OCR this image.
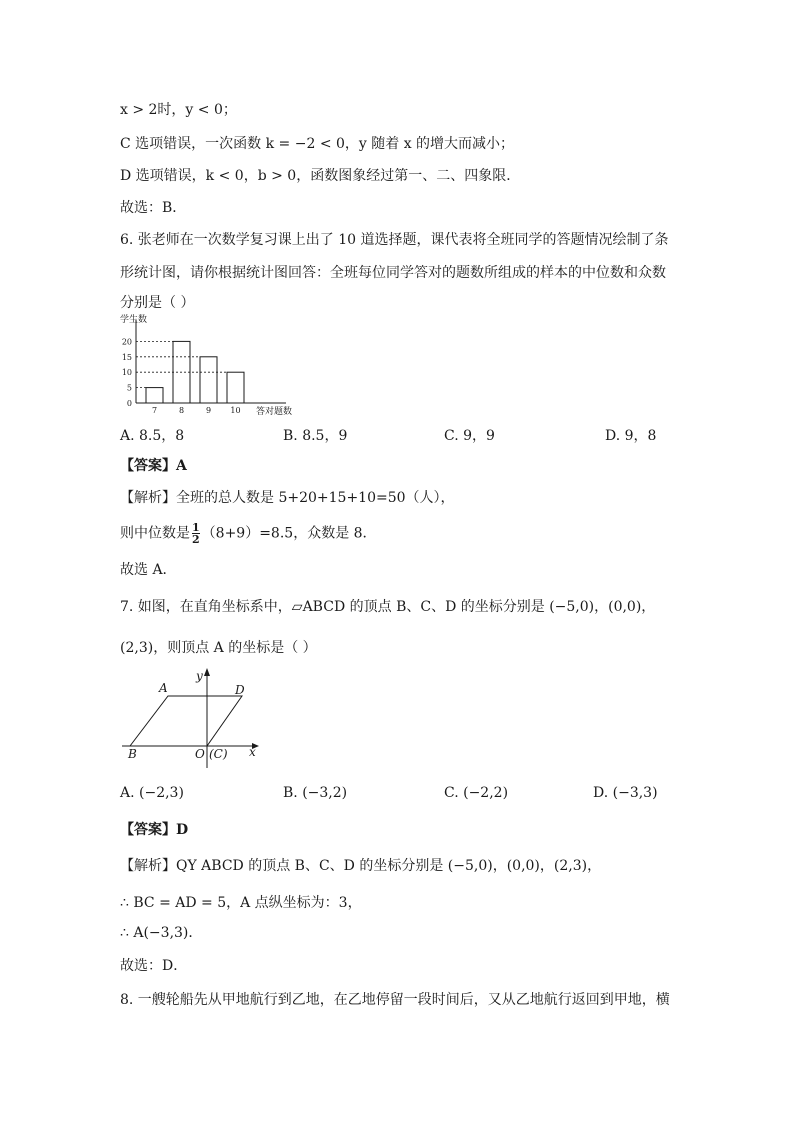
x > 2时，y < 0；
C 选项错误，一次函数 k = −2 < 0，y 随着 x 的增大而减小；
D 选项错误，k < 0，b > 0，函数图象经过第一、二、四象限．
故选：B．
6. 张老师在一次数学复习课上出了 10 道选择题，课代表将全班同学的答题情况绘制了条
形统计图，请你根据统计图回答：全班每位同学答对的题数所组成的样本的中位数和众数
分别是（ ）
学生数
0
5
10
15
20
7	8	9 10 答对题数
A. 8.5，8	B. 8.5，9	C. 9，9	D. 9，8
【答案】A
【解析】全班的总人数是 5+20+15+10=50（人），
则中位数是 $\frac{1}{2} (8+9)=8.5$，众数是 8．
故选 A．
7. 如图，在直角坐标系中，▱ABCD 的顶点 B、C、D 的坐标分别是 (−5,0)，(0,0)，
(2,3)，则顶点 A 的坐标是（ ）
A	D
B	O (C) x
y
A. (−2,3)	B. (−3,2)	C. (−2,2)	D. (−3,3)
【答案】D
【解析】QY ABCD 的顶点 B、C、D 的坐标分别是 (−5,0)，(0,0)，(2,3)，
∴ BC = AD = 5，A 点纵坐标为：3，
∴ A(−3,3)．
故选：D．
8. 一艘轮船先从甲地航行到乙地，在乙地停留一段时间后，又从乙地航行返回到甲地，横
